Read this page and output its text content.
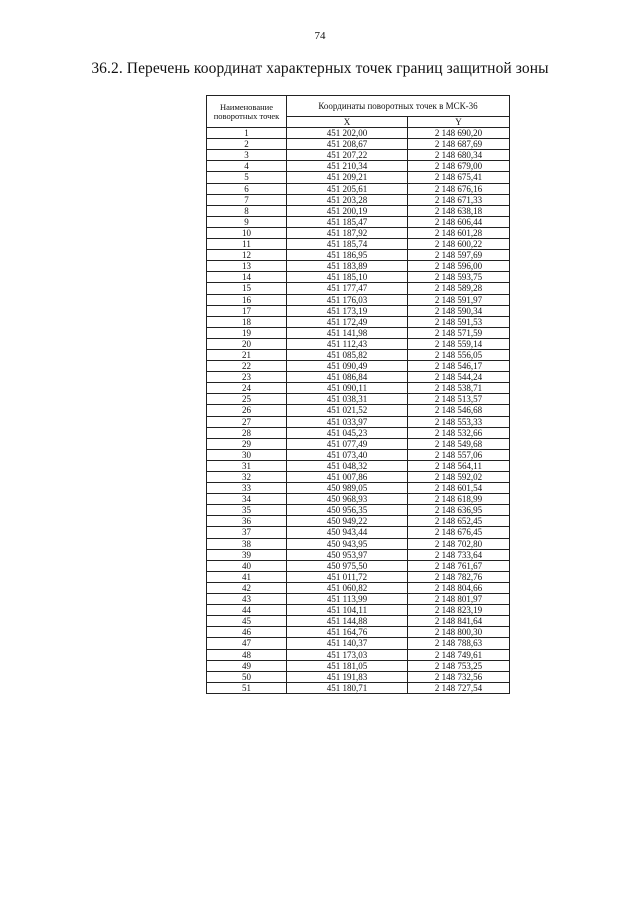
74
36.2. Перечень координат характерных точек границ защитной зоны
Наименование поворотных точек	Координаты поворотных точек в МСК-36	
	X	Y
1	451 202,00	2 148 690,20
2	451 208,67	2 148 687,69
3	451 207,22	2 148 680,34
4	451 210,34	2 148 679,00
5	451 209,21	2 148 675,41
6	451 205,61	2 148 676,16
7	451 203,28	2 148 671,33
8	451 200,19	2 148 638,18
9	451 185,47	2 148 606,44
10	451 187,92	2 148 601,28
11	451 185,74	2 148 600,22
12	451 186,95	2 148 597,69
13	451 183,89	2 148 596,00
14	451 185,10	2 148 593,75
15	451 177,47	2 148 589,28
16	451 176,03	2 148 591,97
17	451 173,19	2 148 590,34
18	451 172,49	2 148 591,53
19	451 141,98	2 148 571,59
20	451 112,43	2 148 559,14
21	451 085,82	2 148 556,05
22	451 090,49	2 148 546,17
23	451 086,84	2 148 544,24
24	451 090,11	2 148 538,71
25	451 038,31	2 148 513,57
26	451 021,52	2 148 546,68
27	451 033,97	2 148 553,33
28	451 045,23	2 148 532,66
29	451 077,49	2 148 549,68
30	451 073,40	2 148 557,06
31	451 048,32	2 148 564,11
32	451 007,86	2 148 592,02
33	450 989,05	2 148 601,54
34	450 968,93	2 148 618,99
35	450 956,35	2 148 636,95
36	450 949,22	2 148 652,45
37	450 943,44	2 148 676,45
38	450 943,95	2 148 702,80
39	450 953,97	2 148 733,64
40	450 975,50	2 148 761,67
41	451 011,72	2 148 782,76
42	451 060,82	2 148 804,66
43	451 113,99	2 148 801,97
44	451 104,11	2 148 823,19
45	451 144,88	2 148 841,64
46	451 164,76	2 148 800,30
47	451 140,37	2 148 788,63
48	451 173,03	2 148 749,61
49	451 181,05	2 148 753,25
50	451 191,83	2 148 732,56
51	451 180,71	2 148 727,54
